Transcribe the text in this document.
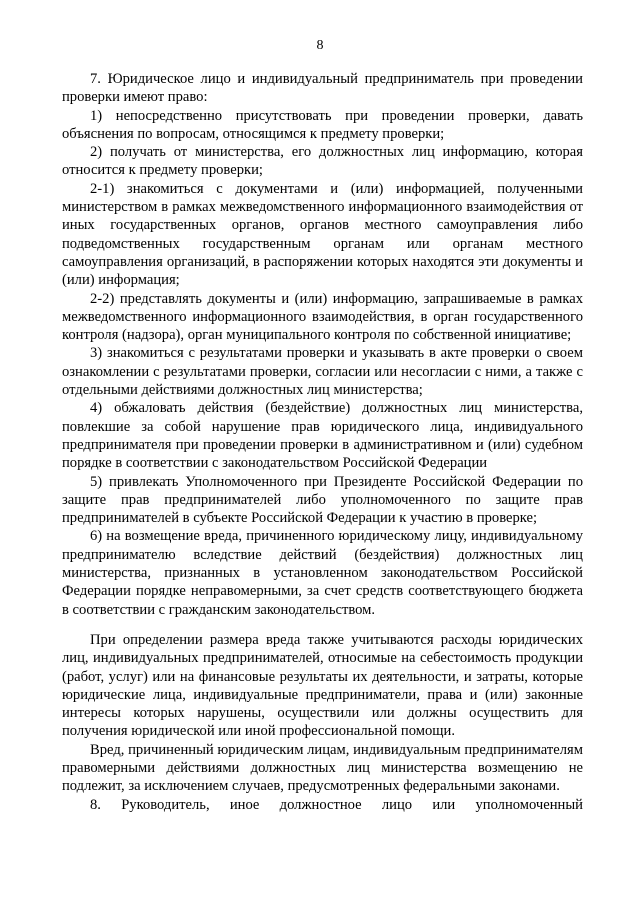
8

7. Юридическое лицо и индивидуальный предприниматель при проведении проверки имеют право:

1) непосредственно присутствовать при проведении проверки, давать объяснения по вопросам, относящимся к предмету проверки;

2) получать от министерства, его должностных лиц информацию, которая относится к предмету проверки;

2-1) знакомиться с документами и (или) информацией, полученными министерством в рамках межведомственного информационного взаимодействия от иных государственных органов, органов местного самоуправления либо подведомственных государственным органам или органам местного самоуправления организаций, в распоряжении которых находятся эти документы и (или) информация;

2-2) представлять документы и (или) информацию, запрашиваемые в рамках межведомственного информационного взаимодействия, в орган государственного контроля (надзора), орган муниципального контроля по собственной инициативе;

3) знакомиться с результатами проверки и указывать в акте проверки о своем ознакомлении с результатами проверки, согласии или несогласии с ними, а также с отдельными действиями должностных лиц министерства;

4) обжаловать действия (бездействие) должностных лиц министерства, повлекшие за собой нарушение прав юридического лица, индивидуального предпринимателя при проведении проверки в административном и (или) судебном порядке в соответствии с законодательством Российской Федерации

5) привлекать Уполномоченного при Президенте Российской Федерации по защите прав предпринимателей либо уполномоченного по защите прав предпринимателей в субъекте Российской Федерации к участию в проверке;

6) на возмещение вреда, причиненного юридическому лицу, индивидуальному предпринимателю вследствие действий (бездействия) должностных лиц министерства, признанных в установленном законодательством Российской Федерации порядке неправомерными, за счет средств соответствующего бюджета в соответствии с гражданским законодательством.

При определении размера вреда также учитываются расходы юридических лиц, индивидуальных предпринимателей, относимые на себестоимость продукции (работ, услуг) или на финансовые результаты их деятельности, и затраты, которые юридические лица, индивидуальные предприниматели, права и (или) законные интересы которых нарушены, осуществили или должны осуществить для получения юридической или иной профессиональной помощи.

Вред, причиненный юридическим лицам, индивидуальным предпринимателям правомерными действиями должностных лиц министерства возмещению не подлежит, за исключением случаев, предусмотренных федеральными законами.

8. Руководитель, иное должностное лицо или уполномоченный
